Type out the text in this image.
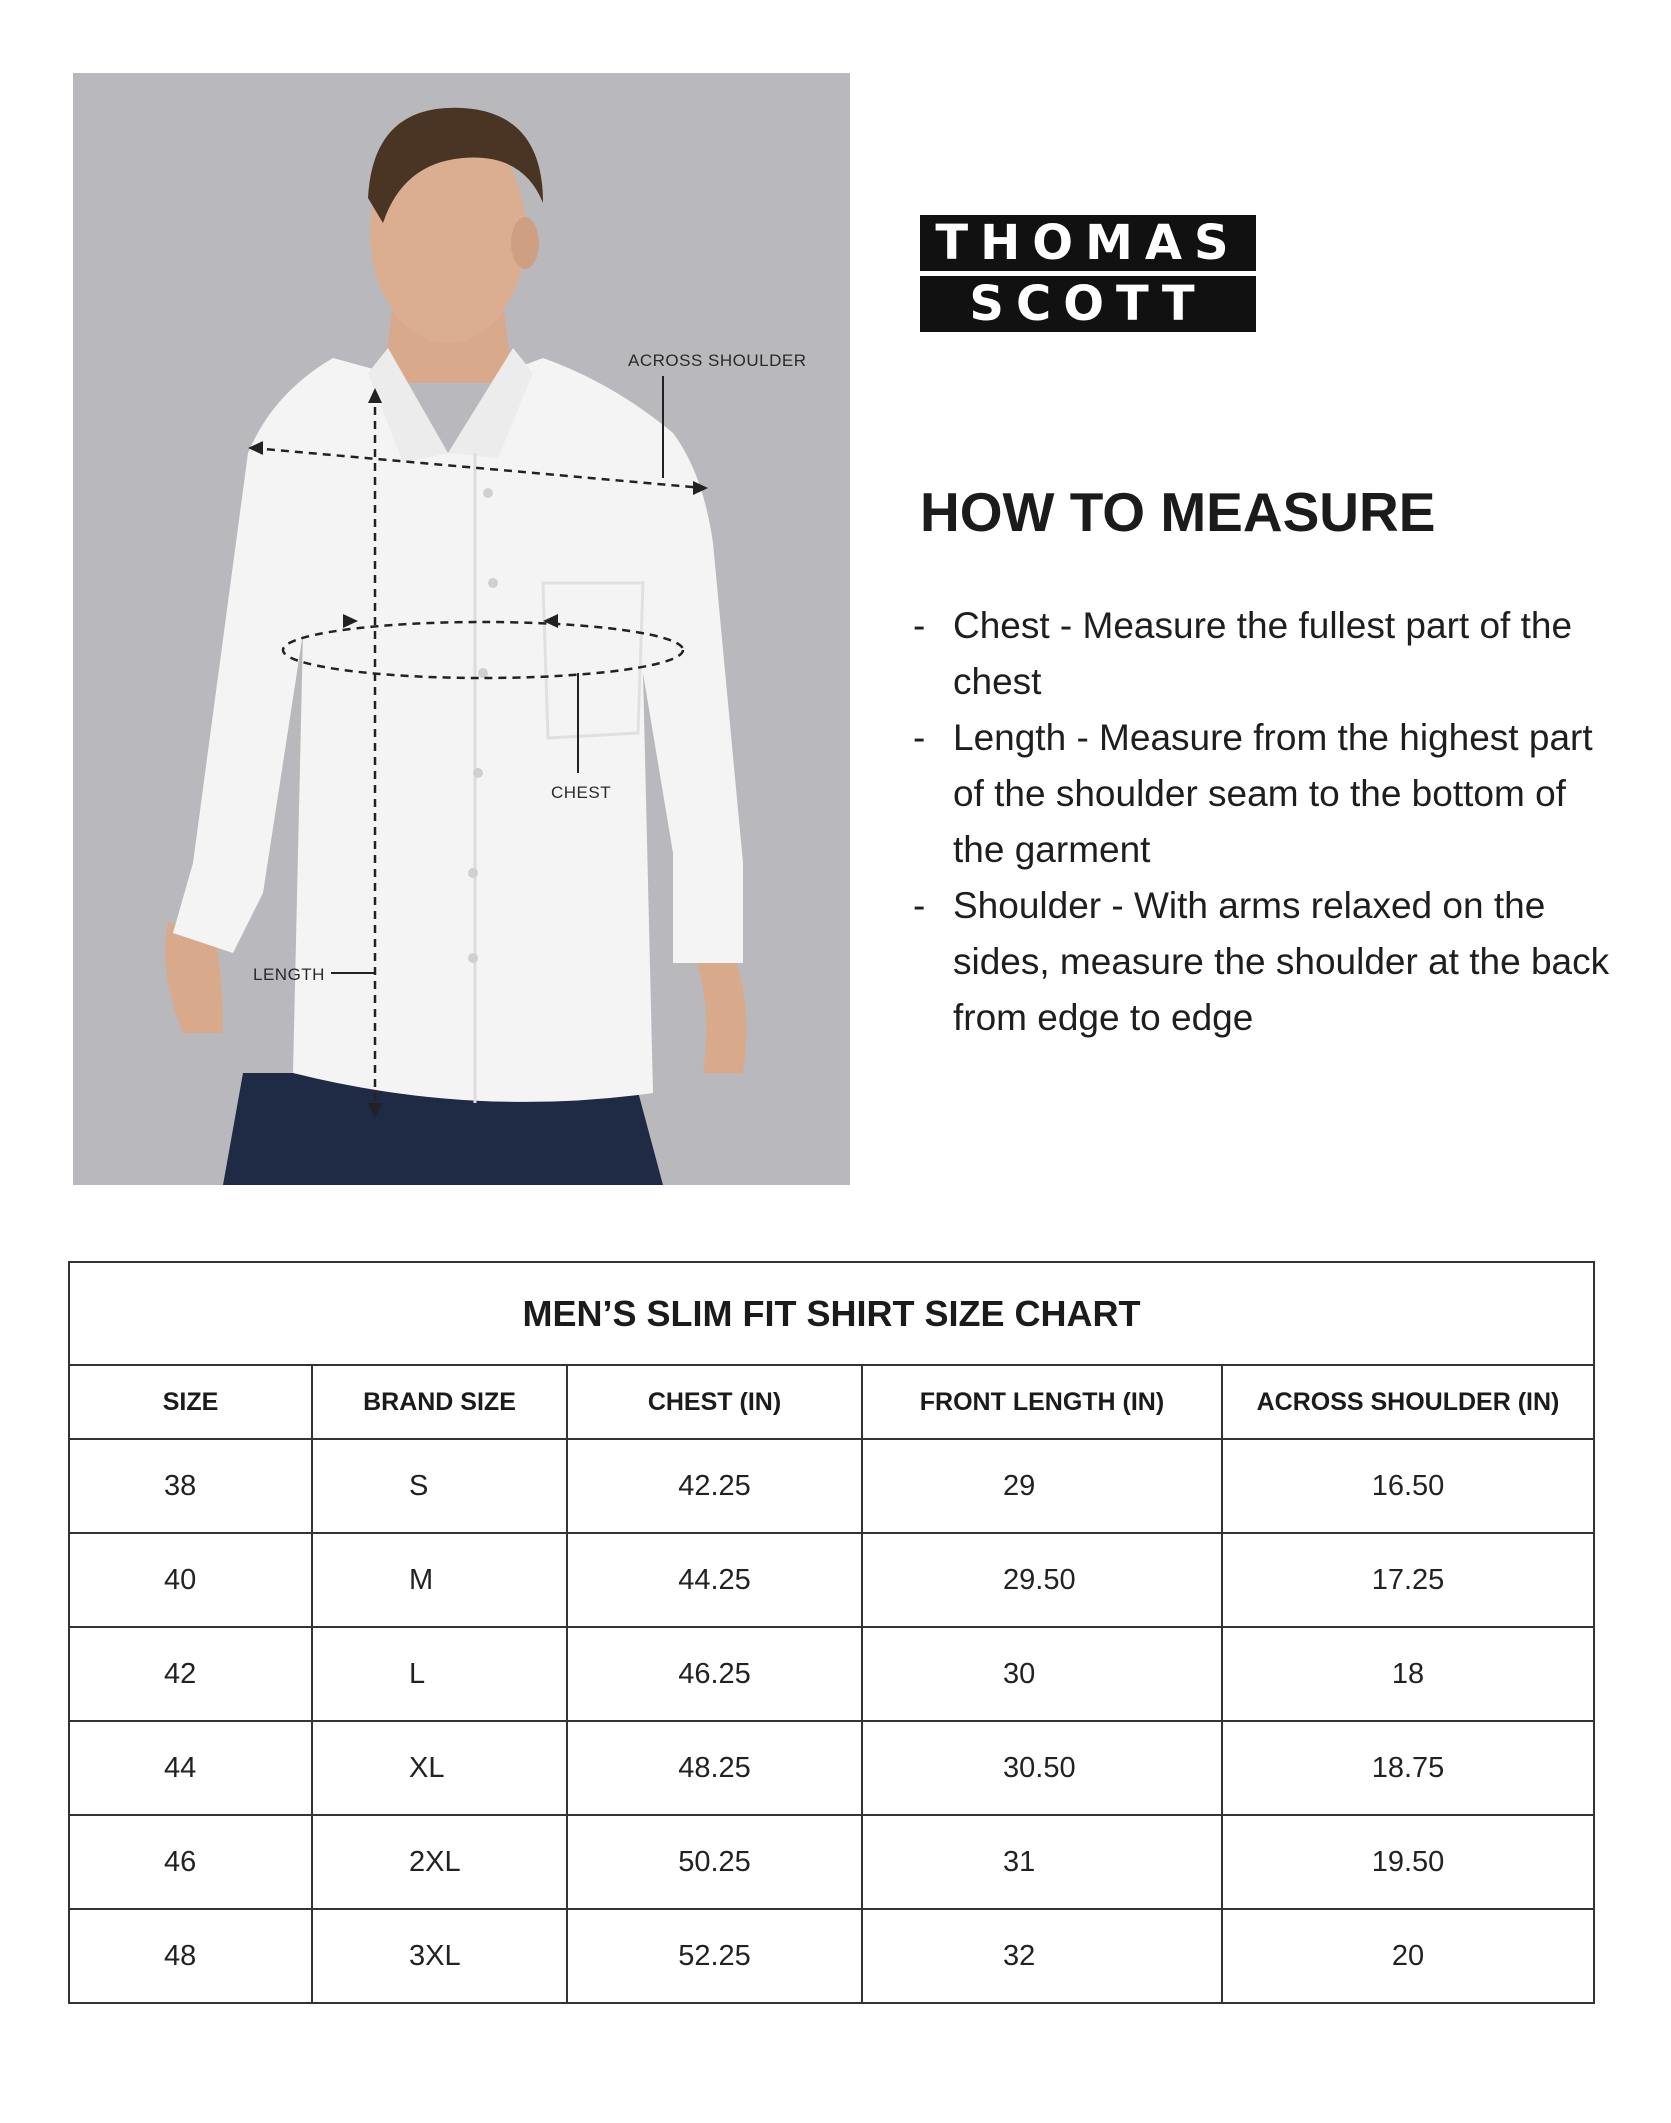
ACROSS SHOULDER
CHEST
LENGTH
THOMAS
SCOTT
HOW TO MEASURE
- Chest - Measure the fullest part of the chest
- Length - Measure from the highest part of the shoulder seam to the bottom of the garment
- Shoulder - With arms relaxed on the sides, measure the shoulder at the back from edge to edge
MEN’S SLIM FIT SHIRT SIZE CHART				
SIZE	BRAND SIZE	CHEST (IN)	FRONT LENGTH (IN)	ACROSS SHOULDER (IN)
38	S	42.25	29	16.50
40	M	44.25	29.50	17.25
42	L	46.25	30	18
44	XL	48.25	30.50	18.75
46	2XL	50.25	31	19.50
48	3XL	52.25	32	20
